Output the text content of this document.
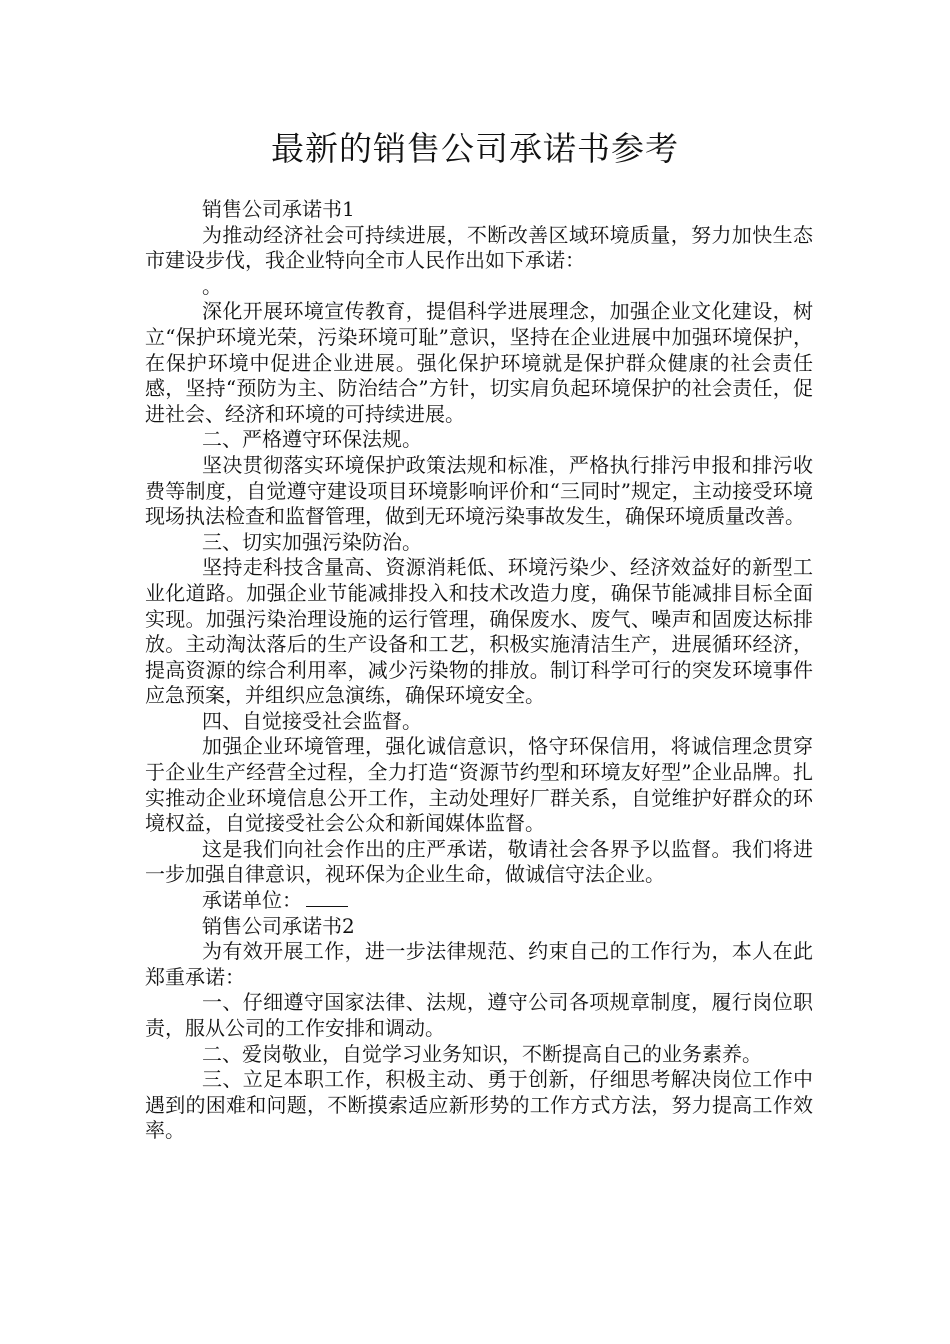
最新的销售公司承诺书参考

销售公司承诺书1

为推动经济社会可持续进展，不断改善区域环境质量，努力加快生态市建设步伐，我企业特向全市人民作出如下承诺：

。

深化开展环境宣传教育，提倡科学进展理念，加强企业文化建设，树立“保护环境光荣，污染环境可耻”意识，坚持在企业进展中加强环境保护，在保护环境中促进企业进展。强化保护环境就是保护群众健康的社会责任感，坚持“预防为主、防治结合”方针，切实肩负起环境保护的社会责任，促进社会、经济和环境的可持续进展。

二、严格遵守环保法规。

坚决贯彻落实环境保护政策法规和标准，严格执行排污申报和排污收费等制度，自觉遵守建设项目环境影响评价和“三同时”规定，主动接受环境现场执法检查和监督管理，做到无环境污染事故发生，确保环境质量改善。

三、切实加强污染防治。

坚持走科技含量高、资源消耗低、环境污染少、经济效益好的新型工业化道路。加强企业节能减排投入和技术改造力度，确保节能减排目标全面实现。加强污染治理设施的运行管理，确保废水、废气、噪声和固废达标排放。主动淘汰落后的生产设备和工艺，积极实施清洁生产，进展循环经济，提高资源的综合利用率，减少污染物的排放。制订科学可行的突发环境事件应急预案，并组织应急演练，确保环境安全。

四、自觉接受社会监督。

加强企业环境管理，强化诚信意识，恪守环保信用，将诚信理念贯穿于企业生产经营全过程，全力打造“资源节约型和环境友好型”企业品牌。扎实推动企业环境信息公开工作，主动处理好厂群关系，自觉维护好群众的环境权益，自觉接受社会公众和新闻媒体监督。

这是我们向社会作出的庄严承诺，敬请社会各界予以监督。我们将进一步加强自律意识，视环保为企业生命，做诚信守法企业。

承诺单位：

销售公司承诺书2

为有效开展工作，进一步法律规范、约束自己的工作行为，本人在此郑重承诺：

一、仔细遵守国家法律、法规，遵守公司各项规章制度，履行岗位职责，服从公司的工作安排和调动。

二、爱岗敬业，自觉学习业务知识，不断提高自己的业务素养。

三、立足本职工作，积极主动、勇于创新，仔细思考解决岗位工作中遇到的困难和问题，不断摸索适应新形势的工作方式方法，努力提高工作效率。
